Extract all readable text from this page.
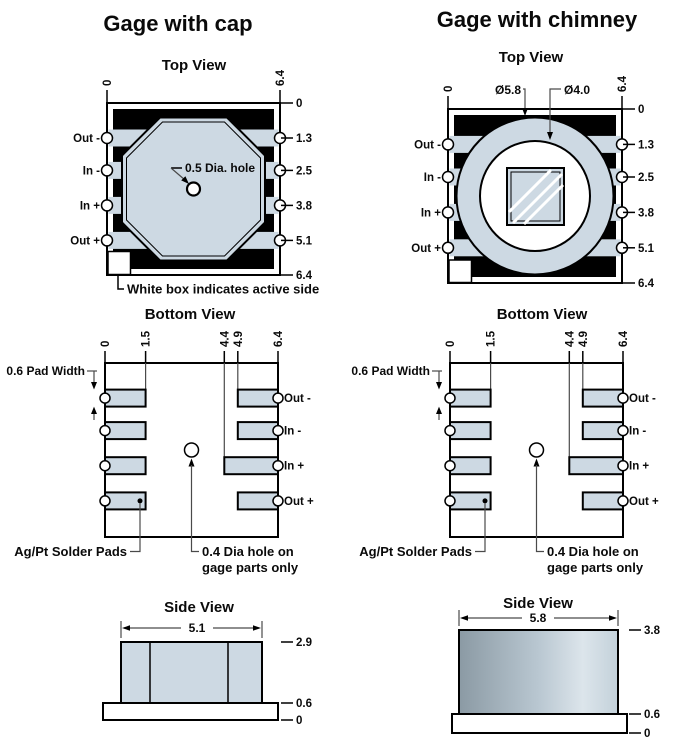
Gage with cap	Gage with chimney
Top View
0.5 Dia. hole
Out -
In -
In +
Out +
0
1.3
2.5
3.8
5.1
6.4
0	6.4
White box indicates active side
Top View
Ø5.8	Ø4.0
Out -
In -
In +
Out +
0
1.3
2.5
3.8
5.1
6.4
0	6.4
Bottom View
0 1.5	4.4 4.9 6.4
Out -
In -
In +
Out +
0.6 Pad Width
Ag/Pt Solder Pads	0.4 Dia hole on
gage parts only
Bottom View
0 1.5	4.4 4.9 6.4
Out -
In -
In +
Out +
0.6 Pad Width
Ag/Pt Solder Pads	0.4 Dia hole on
gage parts only
Side View
5.1
2.9
0.6
0
Side View
5.8
3.8
0.6
0
